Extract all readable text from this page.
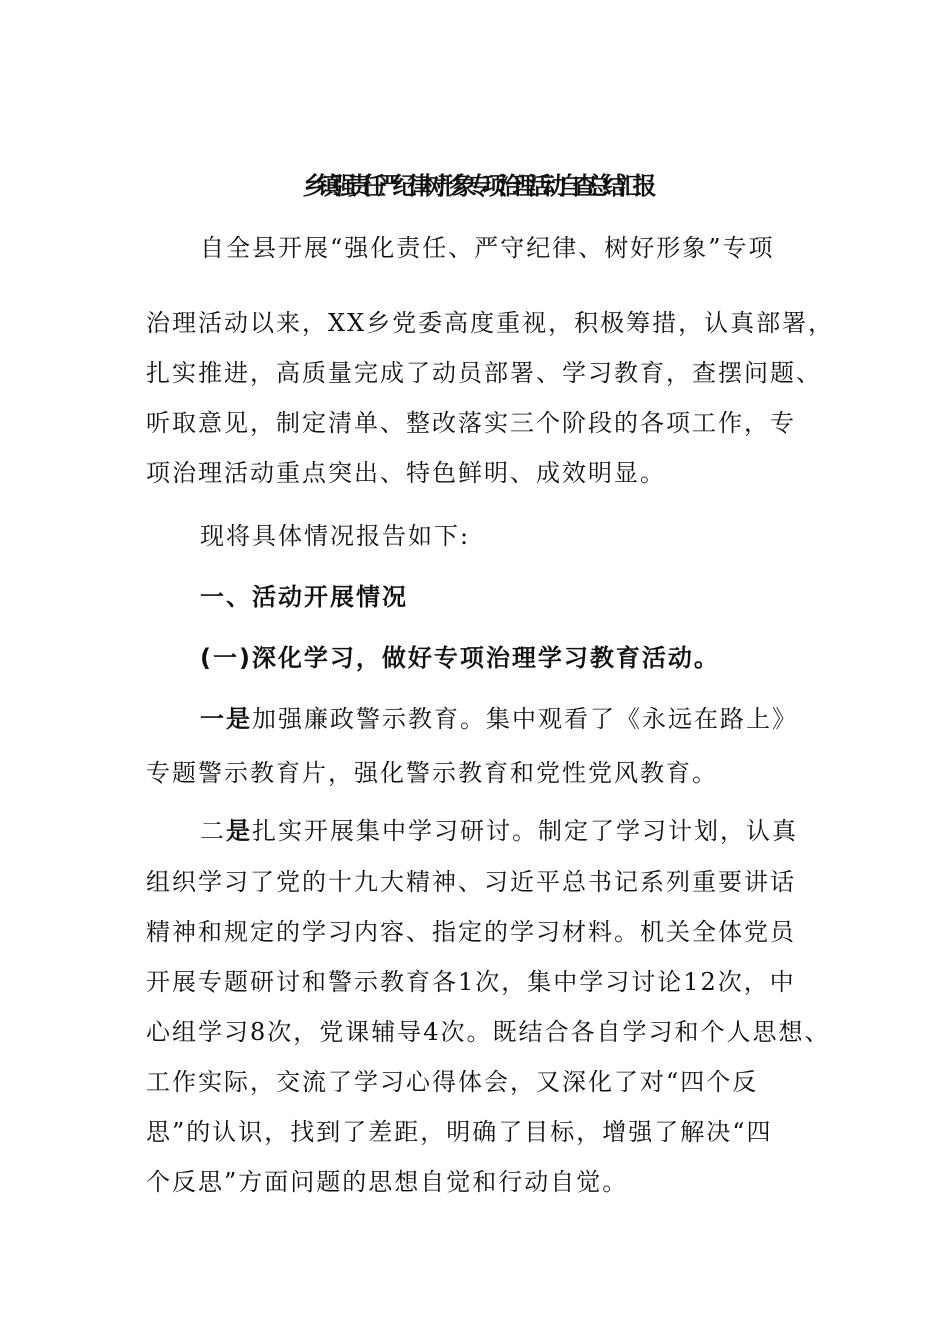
乡镇强责任严纪律树形象专项治理活动自查总结汇报
自全县开展“强化责任、严守纪律、树好形象”专项
治理活动以来，XX乡党委高度重视，积极筹措，认真部署，
扎实推进，高质量完成了动员部署、学习教育，查摆问题、
听取意见，制定清单、整改落实三个阶段的各项工作，专
项治理活动重点突出、特色鲜明、成效明显。
现将具体情况报告如下:
一、活动开展情况
(一)深化学习，做好专项治理学习教育活动。
一是加强廉政警示教育。集中观看了《永远在路上》
专题警示教育片，强化警示教育和党性党风教育。
二是扎实开展集中学习研讨。制定了学习计划，认真
组织学习了党的十九大精神、习近平总书记系列重要讲话
精神和规定的学习内容、指定的学习材料。机关全体党员
开展专题研讨和警示教育各1次，集中学习讨论12次，中
心组学习8次，党课辅导4次。既结合各自学习和个人思想、
工作实际，交流了学习心得体会，又深化了对“四个反
思”的认识，找到了差距，明确了目标，增强了解决“四
个反思”方面问题的思想自觉和行动自觉。
